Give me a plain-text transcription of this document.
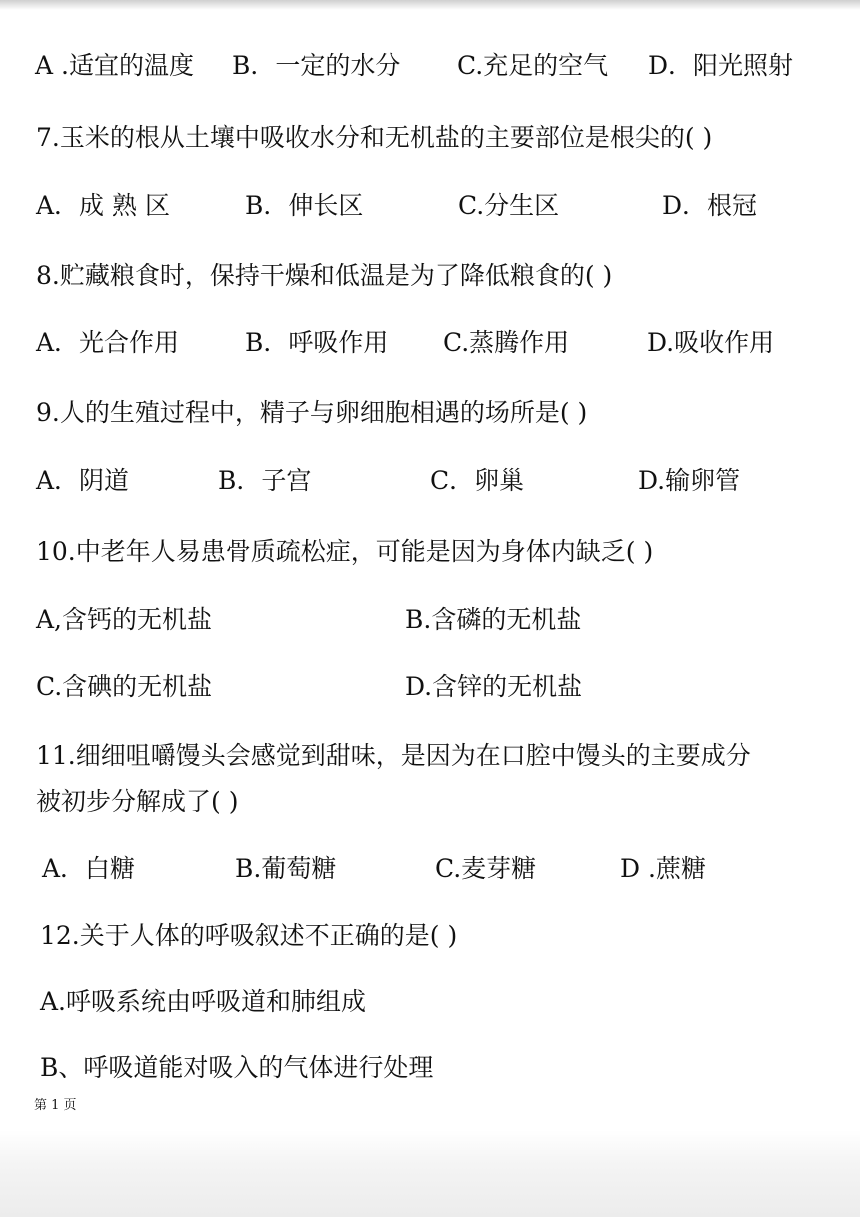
A .适宜的温度 B．一定的水分 C.充足的空气 D．阳光照射
7.玉米的根从土壤中吸收水分和无机盐的主要部位是根尖的( )
A．成 熟 区	B．伸长区	C.分生区	D．根冠
8.贮藏粮食时，保持干燥和低温是为了降低粮食的( )
A．光合作用	B．呼吸作用 C.蒸腾作用	D.吸收作用
9.人的生殖过程中，精子与卵细胞相遇的场所是( )
A．阴道	B．子宫	C．卵巢	D.输卵管
10.中老年人易患骨质疏松症，可能是因为身体内缺乏( )
A,含钙的无机盐	B.含磷的无机盐
C.含碘的无机盐	D.含锌的无机盐
11.细细咀嚼馒头会感觉到甜味，是因为在口腔中馒头的主要成分
被初步分解成了( )
A．白糖	B.葡萄糖	C.麦芽糖	D .蔗糖
12.关于人体的呼吸叙述不正确的是( )
A.呼吸系统由呼吸道和肺组成
B、呼吸道能对吸入的气体进行处理
第 1 页
